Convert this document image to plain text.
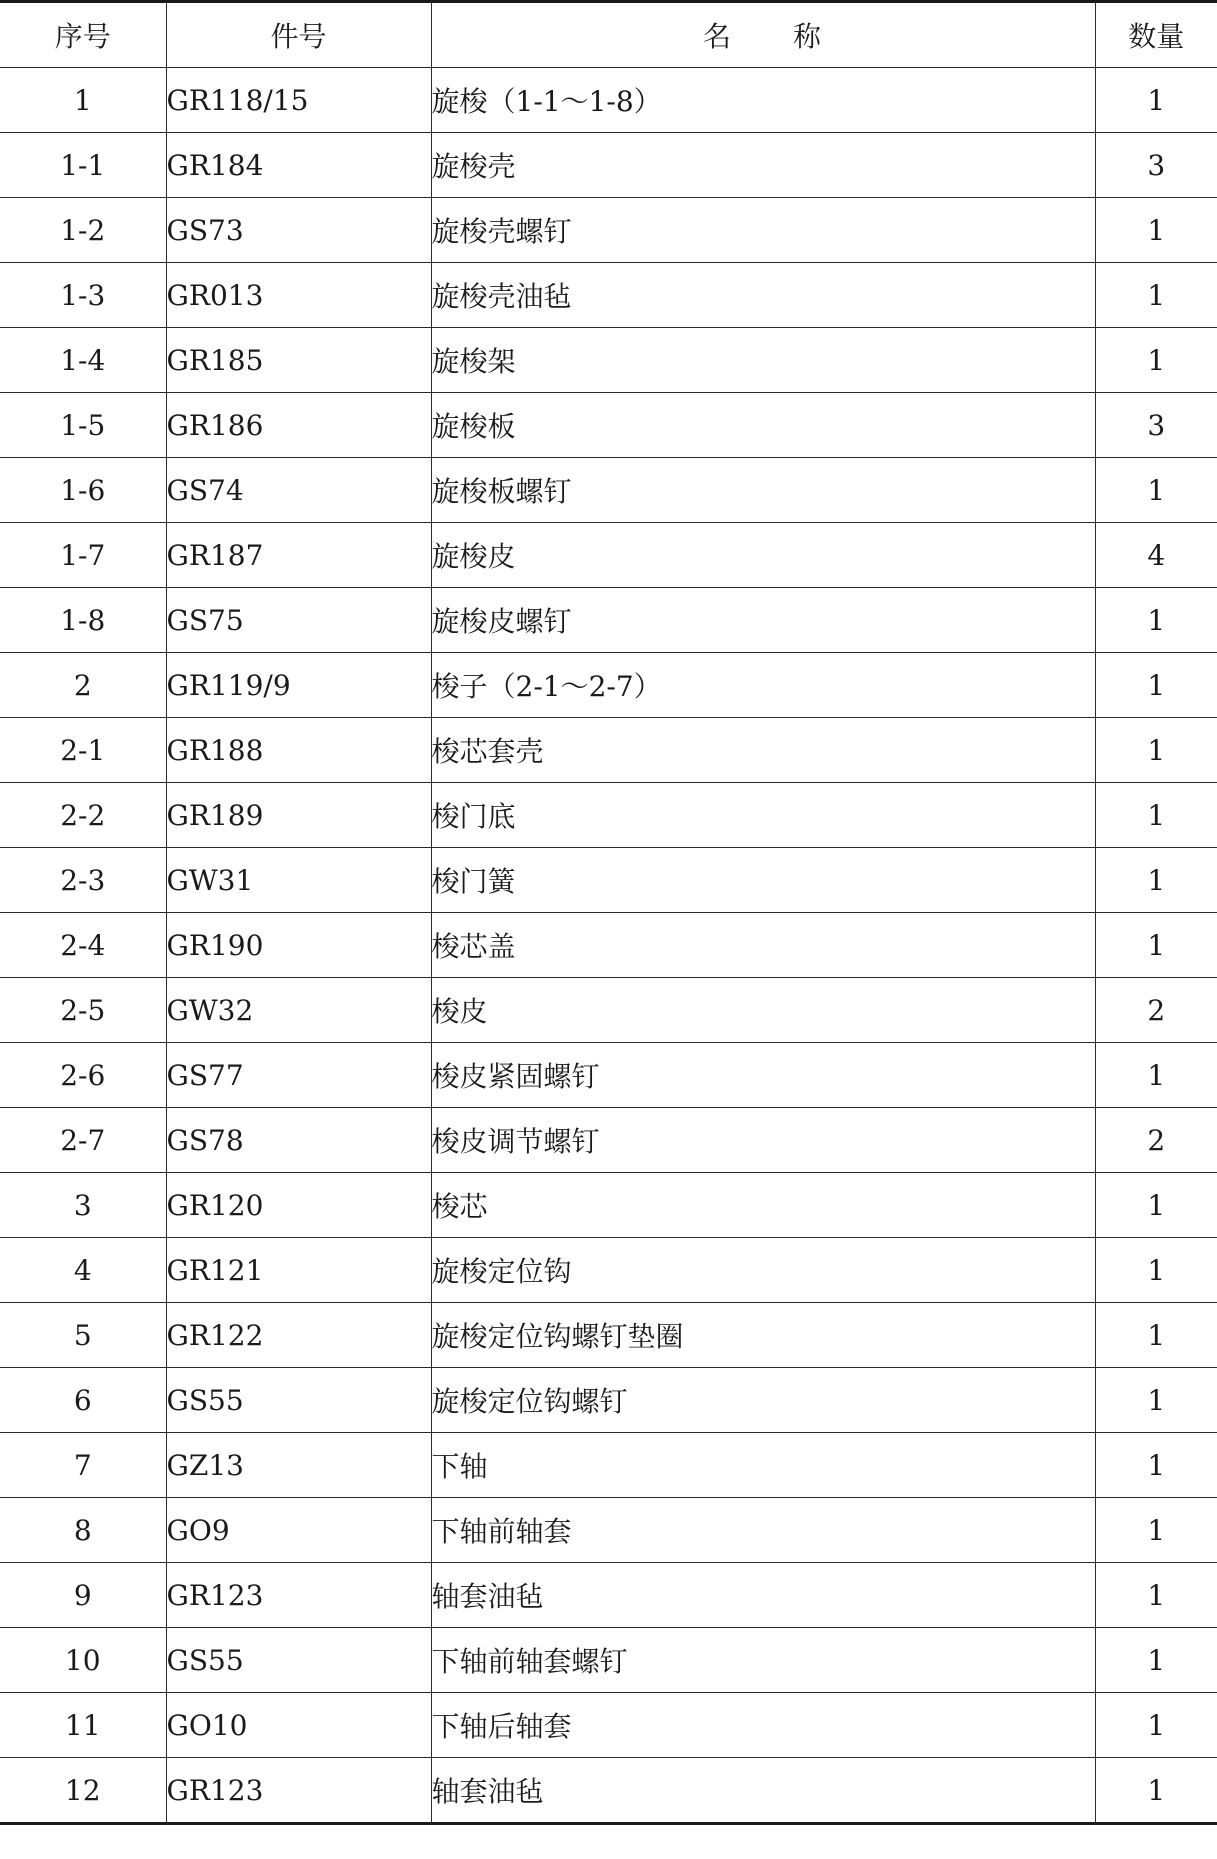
序号	件号	名　　称	数量
1	GR118/15	旋梭（1-1～1-8）	1
1-1	GR184	旋梭壳	3
1-2	GS73	旋梭壳螺钉	1
1-3	GR013	旋梭壳油毡	1
1-4	GR185	旋梭架	1
1-5	GR186	旋梭板	3
1-6	GS74	旋梭板螺钉	1
1-7	GR187	旋梭皮	4
1-8	GS75	旋梭皮螺钉	1
2	GR119/9	梭子（2-1～2-7）	1
2-1	GR188	梭芯套壳	1
2-2	GR189	梭门底	1
2-3	GW31	梭门簧	1
2-4	GR190	梭芯盖	1
2-5	GW32	梭皮	2
2-6	GS77	梭皮紧固螺钉	1
2-7	GS78	梭皮调节螺钉	2
3	GR120	梭芯	1
4	GR121	旋梭定位钩	1
5	GR122	旋梭定位钩螺钉垫圈	1
6	GS55	旋梭定位钩螺钉	1
7	GZ13	下轴	1
8	GO9	下轴前轴套	1
9	GR123	轴套油毡	1
10	GS55	下轴前轴套螺钉	1
11	GO10	下轴后轴套	1
12	GR123	轴套油毡	1
